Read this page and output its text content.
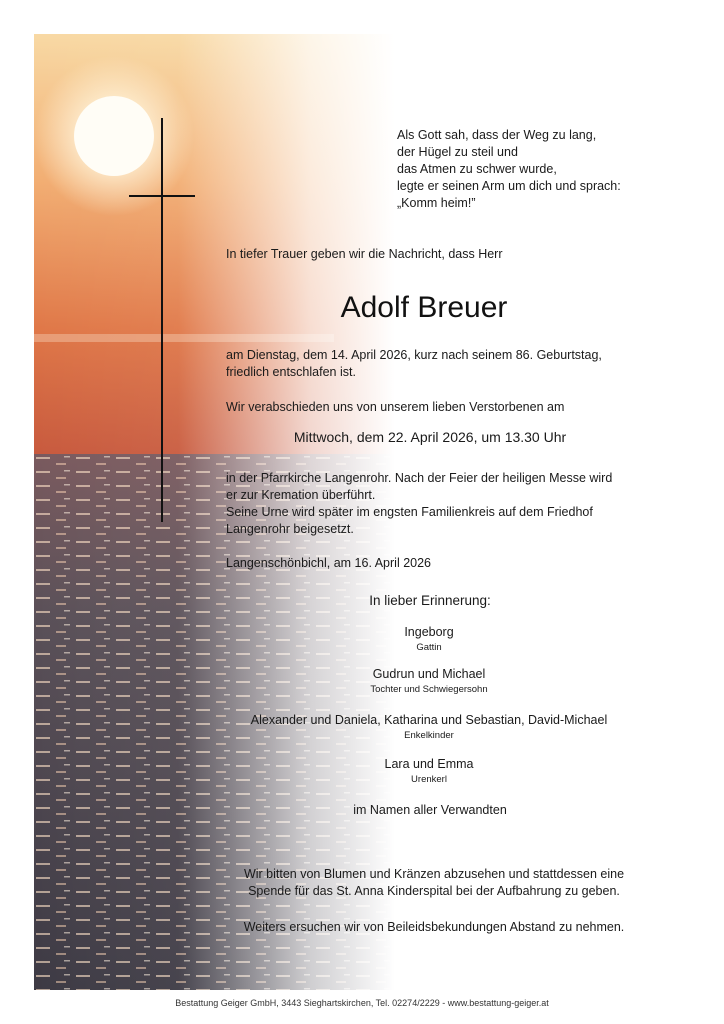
Als Gott sah, dass der Weg zu lang,
der Hügel zu steil und
das Atmen zu schwer wurde,
legte er seinen Arm um dich und sprach:
„Komm heim!”
In tiefer Trauer geben wir die Nachricht, dass Herr
Adolf Breuer
am Dienstag, dem 14. April 2026, kurz nach seinem 86. Geburtstag,
friedlich entschlafen ist.
Wir verabschieden uns von unserem lieben Verstorbenen am
Mittwoch, dem 22. April 2026, um 13.30 Uhr
in der Pfarrkirche Langenrohr. Nach der Feier der heiligen Messe wird
er zur Kremation überführt.
Seine Urne wird später im engsten Familienkreis auf dem Friedhof
Langenrohr beigesetzt.
Langenschönbichl, am 16. April 2026
In lieber Erinnerung:
Ingeborg
Gattin
Gudrun und Michael
Tochter und Schwiegersohn
Alexander und Daniela, Katharina und Sebastian, David-Michael
Enkelkinder
Lara und Emma
Urenkerl
im Namen aller Verwandten
Wir bitten von Blumen und Kränzen abzusehen und stattdessen eine
Spende für das St. Anna Kinderspital bei der Aufbahrung zu geben.
Weiters ersuchen wir von Beileidsbekundungen Abstand zu nehmen.
Bestattung Geiger GmbH, 3443 Sieghartskirchen, Tel. 02274/2229 - www.bestattung-geiger.at
